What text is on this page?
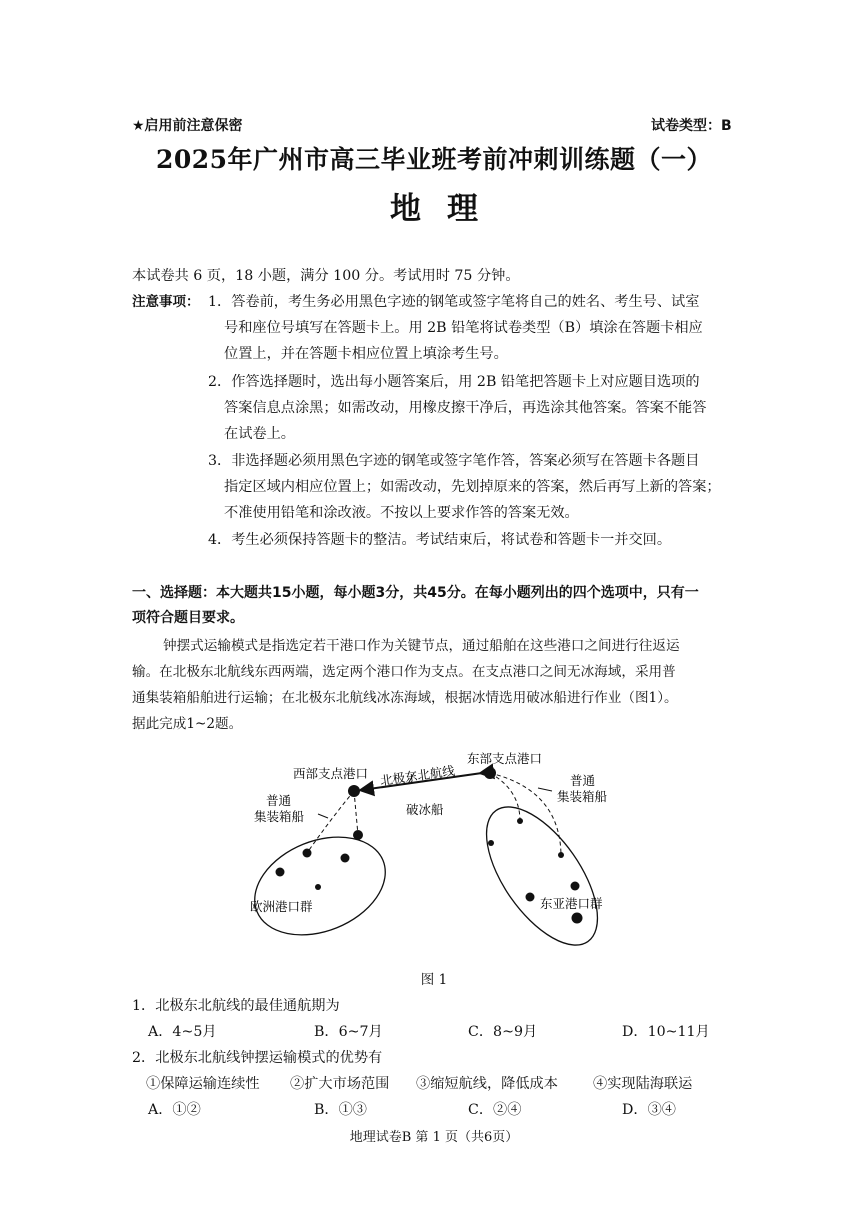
★启用前注意保密	试卷类型：B
2025年广州市高三毕业班考前冲刺训练题（一）
地理
本试卷共 6 页，18 小题，满分 100 分。考试用时 75 分钟。
注意事项： 1．答卷前，考生务必用黑色字迹的钢笔或签字笔将自己的姓名、考生号、试室
号和座位号填写在答题卡上。用 2B 铅笔将试卷类型（B）填涂在答题卡相应
位置上，并在答题卡相应位置上填涂考生号。
2．作答选择题时，选出每小题答案后，用 2B 铅笔把答题卡上对应题目选项的
答案信息点涂黑；如需改动，用橡皮擦干净后，再选涂其他答案。答案不能答
在试卷上。
3．非选择题必须用黑色字迹的钢笔或签字笔作答，答案必须写在答题卡各题目
指定区域内相应位置上；如需改动，先划掉原来的答案，然后再写上新的答案；
不准使用铅笔和涂改液。不按以上要求作答的答案无效。
4．考生必须保持答题卡的整洁。考试结束后，将试卷和答题卡一并交回。
一、选择题：本大题共15小题，每小题3分，共45分。在每小题列出的四个选项中，只有一
项符合题目要求。
钟摆式运输模式是指选定若干港口作为关键节点，通过船舶在这些港口之间进行往返运
输。在北极东北航线东西两端，选定两个港口作为支点。在支点港口之间无冰海域，采用普
通集装箱船舶进行运输；在北极东北航线冰冻海域，根据冰情选用破冰船进行作业（图1）。
据此完成1~2题。
西部支点港口
东部支点港口
北极东北航线
破冰船
普通
集装箱船
普通
集装箱船
欧洲港口群	东亚港口群
图 1
1．北极东北航线的最佳通航期为
A．4~5月	B．6~7月	C．8~9月	D．10~11月
2．北极东北航线钟摆运输模式的优势有
①保障运输连续性 ②扩大市场范围 ③缩短航线，降低成本 ④实现陆海联运
A．①②	B．①③	C．②④	D．③④
地理试卷B 第 1 页（共6页）
